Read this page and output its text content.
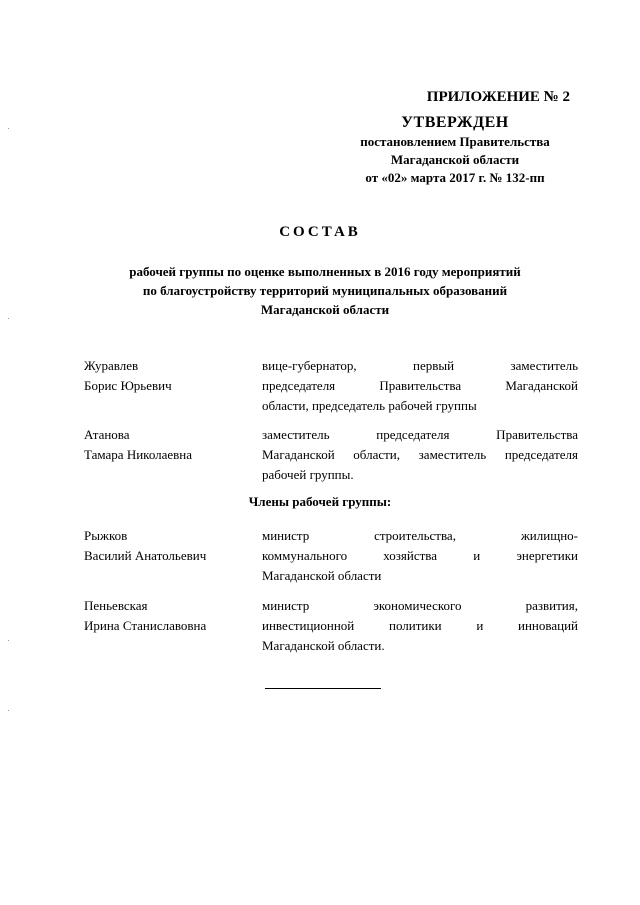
ПРИЛОЖЕНИЕ № 2
УТВЕРЖДЕН
постановлением Правительства
Магаданской области
от «02» марта 2017 г. № 132-пп
СОСТАВ
рабочей группы по оценке выполненных в 2016 году мероприятий
по благоустройству территорий муниципальных образований
Магаданской области
Журавлев
Борис Юрьевич
вице-губернатор, первый заместитель
председателя Правительства Магаданской
области, председатель рабочей группы
Атанова
Тамара Николаевна
заместитель председателя Правительства
Магаданской области, заместитель председателя
рабочей группы.
Члены рабочей группы:
Рыжков
Василий Анатольевич
министр строительства, жилищно-
коммунального хозяйства и энергетики
Магаданской области
Пеньевская
Ирина Станиславовна
министр экономического развития,
инвестиционной политики и инноваций
Магаданской области.
